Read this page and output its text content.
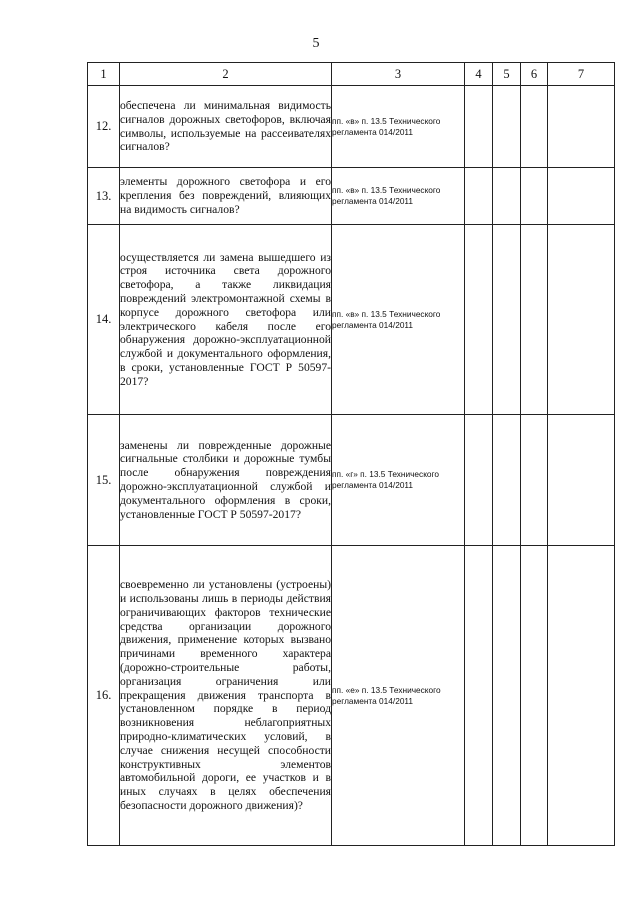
5
1	2	3	4	5	6	7
12.	обеспечена ли минимальная видимость сигналов дорожных светофоров, включая символы, используемые на рассеивателях сигналов?	пп. «в» п. 13.5 Технического регламента 014/2011				
13.	элементы дорожного светофора и его крепления без повреждений, влияющих на видимость сигналов?	пп. «в» п. 13.5 Технического регламента 014/2011				
14.	осуществляется ли замена вышедшего из строя источника света дорожного светофора, а также ликвидация повреждений электромонтажной схемы в корпусе дорожного светофора или электрического кабеля после его обнаружения дорожно-эксплуатационной службой и документального оформления, в сроки, установленные ГОСТ Р 50597-2017?	пп. «в» п. 13.5 Технического регламента 014/2011				
15.	заменены ли поврежденные дорожные сигнальные столбики и дорожные тумбы после обнаружения повреждения дорожно-эксплуатационной службой и документального оформления в сроки, установленные ГОСТ Р 50597-2017?	пп. «г» п. 13.5 Технического регламента 014/2011				
16.	своевременно ли установлены (устроены) и использованы лишь в периоды действия ограничивающих факторов технические средства организации дорожного движения, применение которых вызвано причинами временного характера (дорожно-строительные работы, организация ограничения или прекращения движения транспорта в установленном порядке в период возникновения неблагоприятных природно-климатических условий, в случае снижения несущей способности конструктивных элементов автомобильной дороги, ее участков и в иных случаях в целях обеспечения безопасности дорожного движения)?	пп. «е» п. 13.5 Технического регламента 014/2011				
